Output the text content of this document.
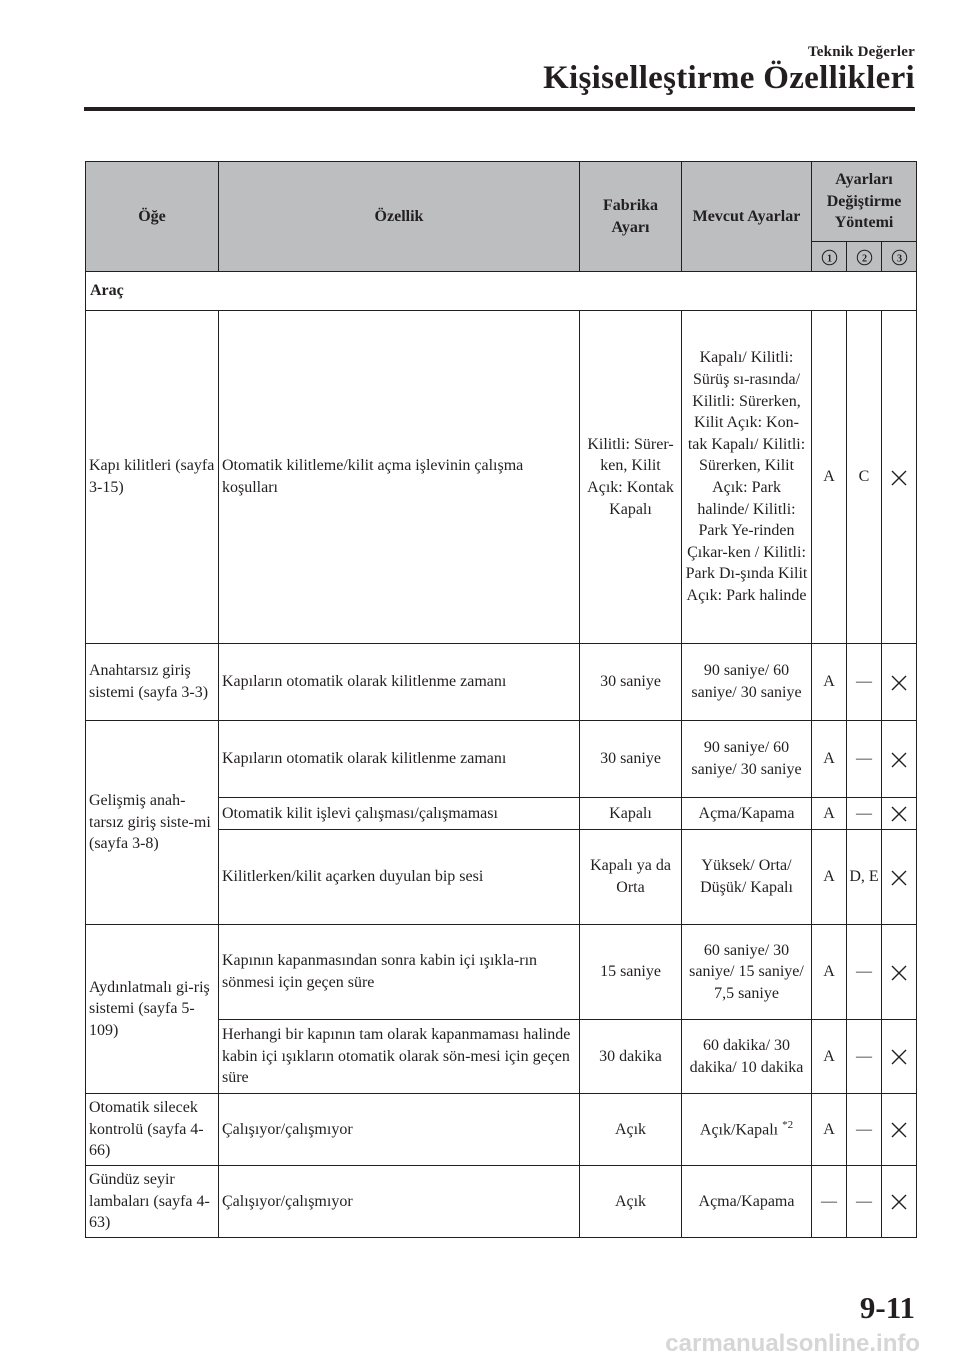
Teknik Değerler
Kişiselleştirme Özellikleri
Öğe	Özellik	Fabrika Ayarı	Mevcut Ayarlar	Ayarları Değiştirme Yöntemi		

1	2	3

Araç						
Kapı kilitleri (sayfa 3-15)	Otomatik kilitleme/kilit açma işlevinin çalışma koşulları	Kilitli: Sürer-ken, Kilit Açık: Kontak Kapalı	Kapalı/ Kilitli: Sürüş sı-rasında/ Kilitli: Sürerken, Kilit Açık: Kon-tak Kapalı/ Kilitli: Sürerken, Kilit Açık: Park halinde/ Kilitli: Park Ye-rinden Çıkar-ken / Kilitli: Park Dı-şında Kilit Açık: Park halinde	A	C	
Anahtarsız giriş sistemi (sayfa 3-3)	Kapıların otomatik olarak kilitlenme zamanı	30 saniye	90 saniye/ 60 saniye/ 30 saniye	A	—	
Gelişmiş anah-tarsız giriş siste-mi (sayfa 3-8)	Kapıların otomatik olarak kilitlenme zamanı	30 saniye	90 saniye/ 60 saniye/ 30 saniye	A	—	
	Otomatik kilit işlevi çalışması/çalışmaması	Kapalı	Açma/Kapama	A	—	
	Kilitlerken/kilit açarken duyulan bip sesi	Kapalı ya da Orta	Yüksek/ Orta/ Düşük/ Kapalı	A	D, E	
Aydınlatmalı gi-riş sistemi (sayfa 5-109)	Kapının kapanmasından sonra kabin içi ışıkla-rın sönmesi için geçen süre	15 saniye	60 saniye/ 30 saniye/ 15 saniye/ 7,5 saniye	A	—	
	Herhangi bir kapının tam olarak kapanmaması halinde kabin içi ışıkların otomatik olarak sön-mesi için geçen süre	30 dakika	60 dakika/ 30 dakika/ 10 dakika	A	—	
Otomatik silecek kontrolü (sayfa 4-66)	Çalışıyor/çalışmıyor	Açık	Açık/Kapalı $^{*2}$	A	—	
Gündüz seyir lambaları (sayfa 4-63)	Çalışıyor/çalışmıyor	Açık	Açma/Kapama	—	—	
9-11
carmanualsonline.info
